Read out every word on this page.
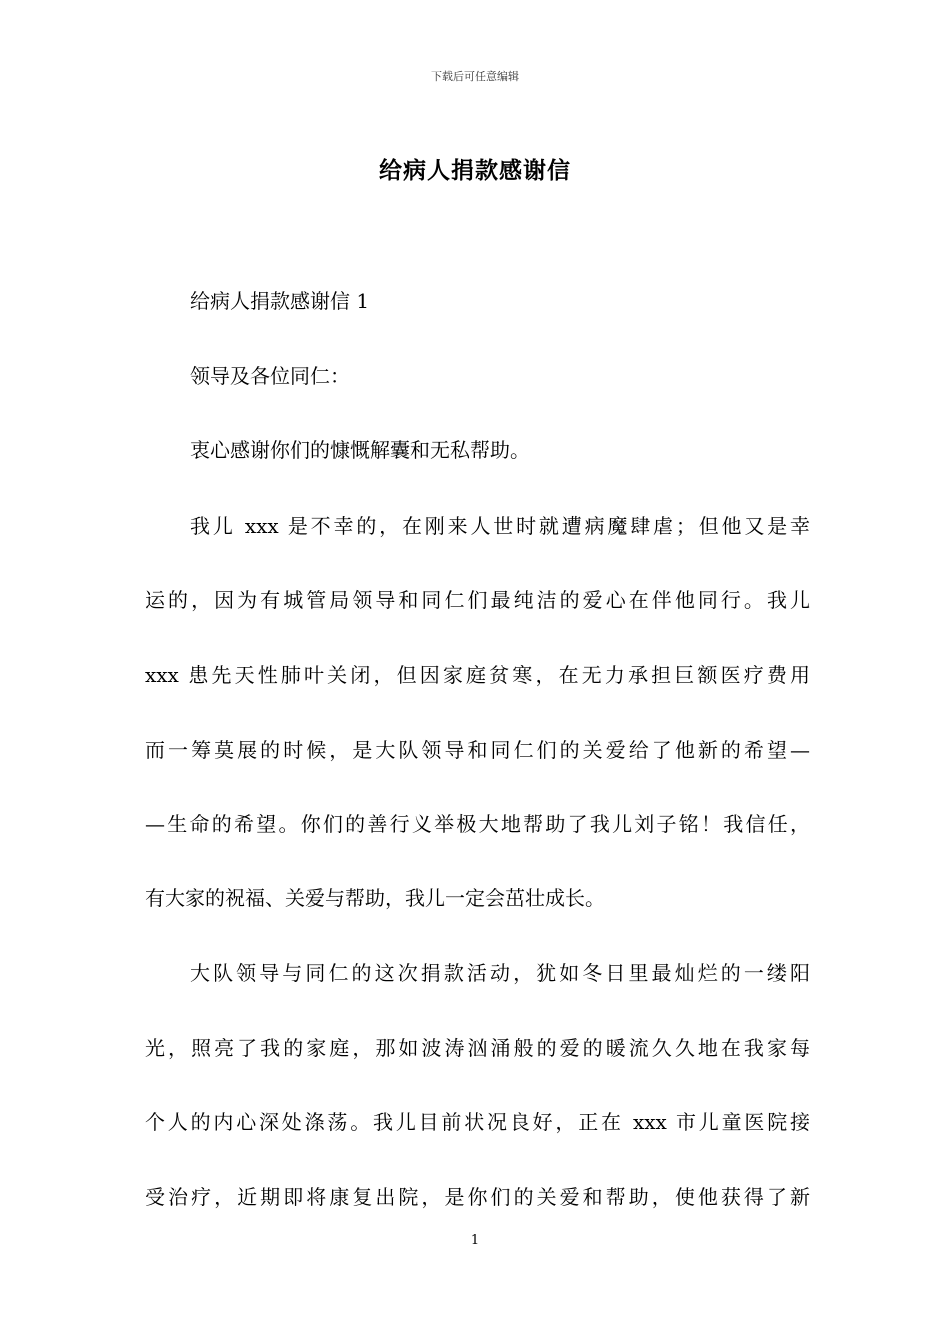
下载后可任意编辑
给病人捐款感谢信
给病人捐款感谢信 1
领导及各位同仁：
衷心感谢你们的慷慨解囊和无私帮助。
我儿 xxx 是不幸的，在刚来人世时就遭病魔肆虐；但他又是幸
运的，因为有城管局领导和同仁们最纯洁的爱心在伴他同行。我儿
xxx 患先天性肺叶关闭，但因家庭贫寒，在无力承担巨额医疗费用
而一筹莫展的时候，是大队领导和同仁们的关爱给了他新的希望—
—生命的希望。你们的善行义举极大地帮助了我儿刘子铭！我信任，
有大家的祝福、关爱与帮助，我儿一定会茁壮成长。
大队领导与同仁的这次捐款活动，犹如冬日里最灿烂的一缕阳
光，照亮了我的家庭，那如波涛汹涌般的爱的暖流久久地在我家每
个人的内心深处涤荡。我儿目前状况良好，正在 xxx 市儿童医院接
受治疗，近期即将康复出院，是你们的关爱和帮助，使他获得了新
1
